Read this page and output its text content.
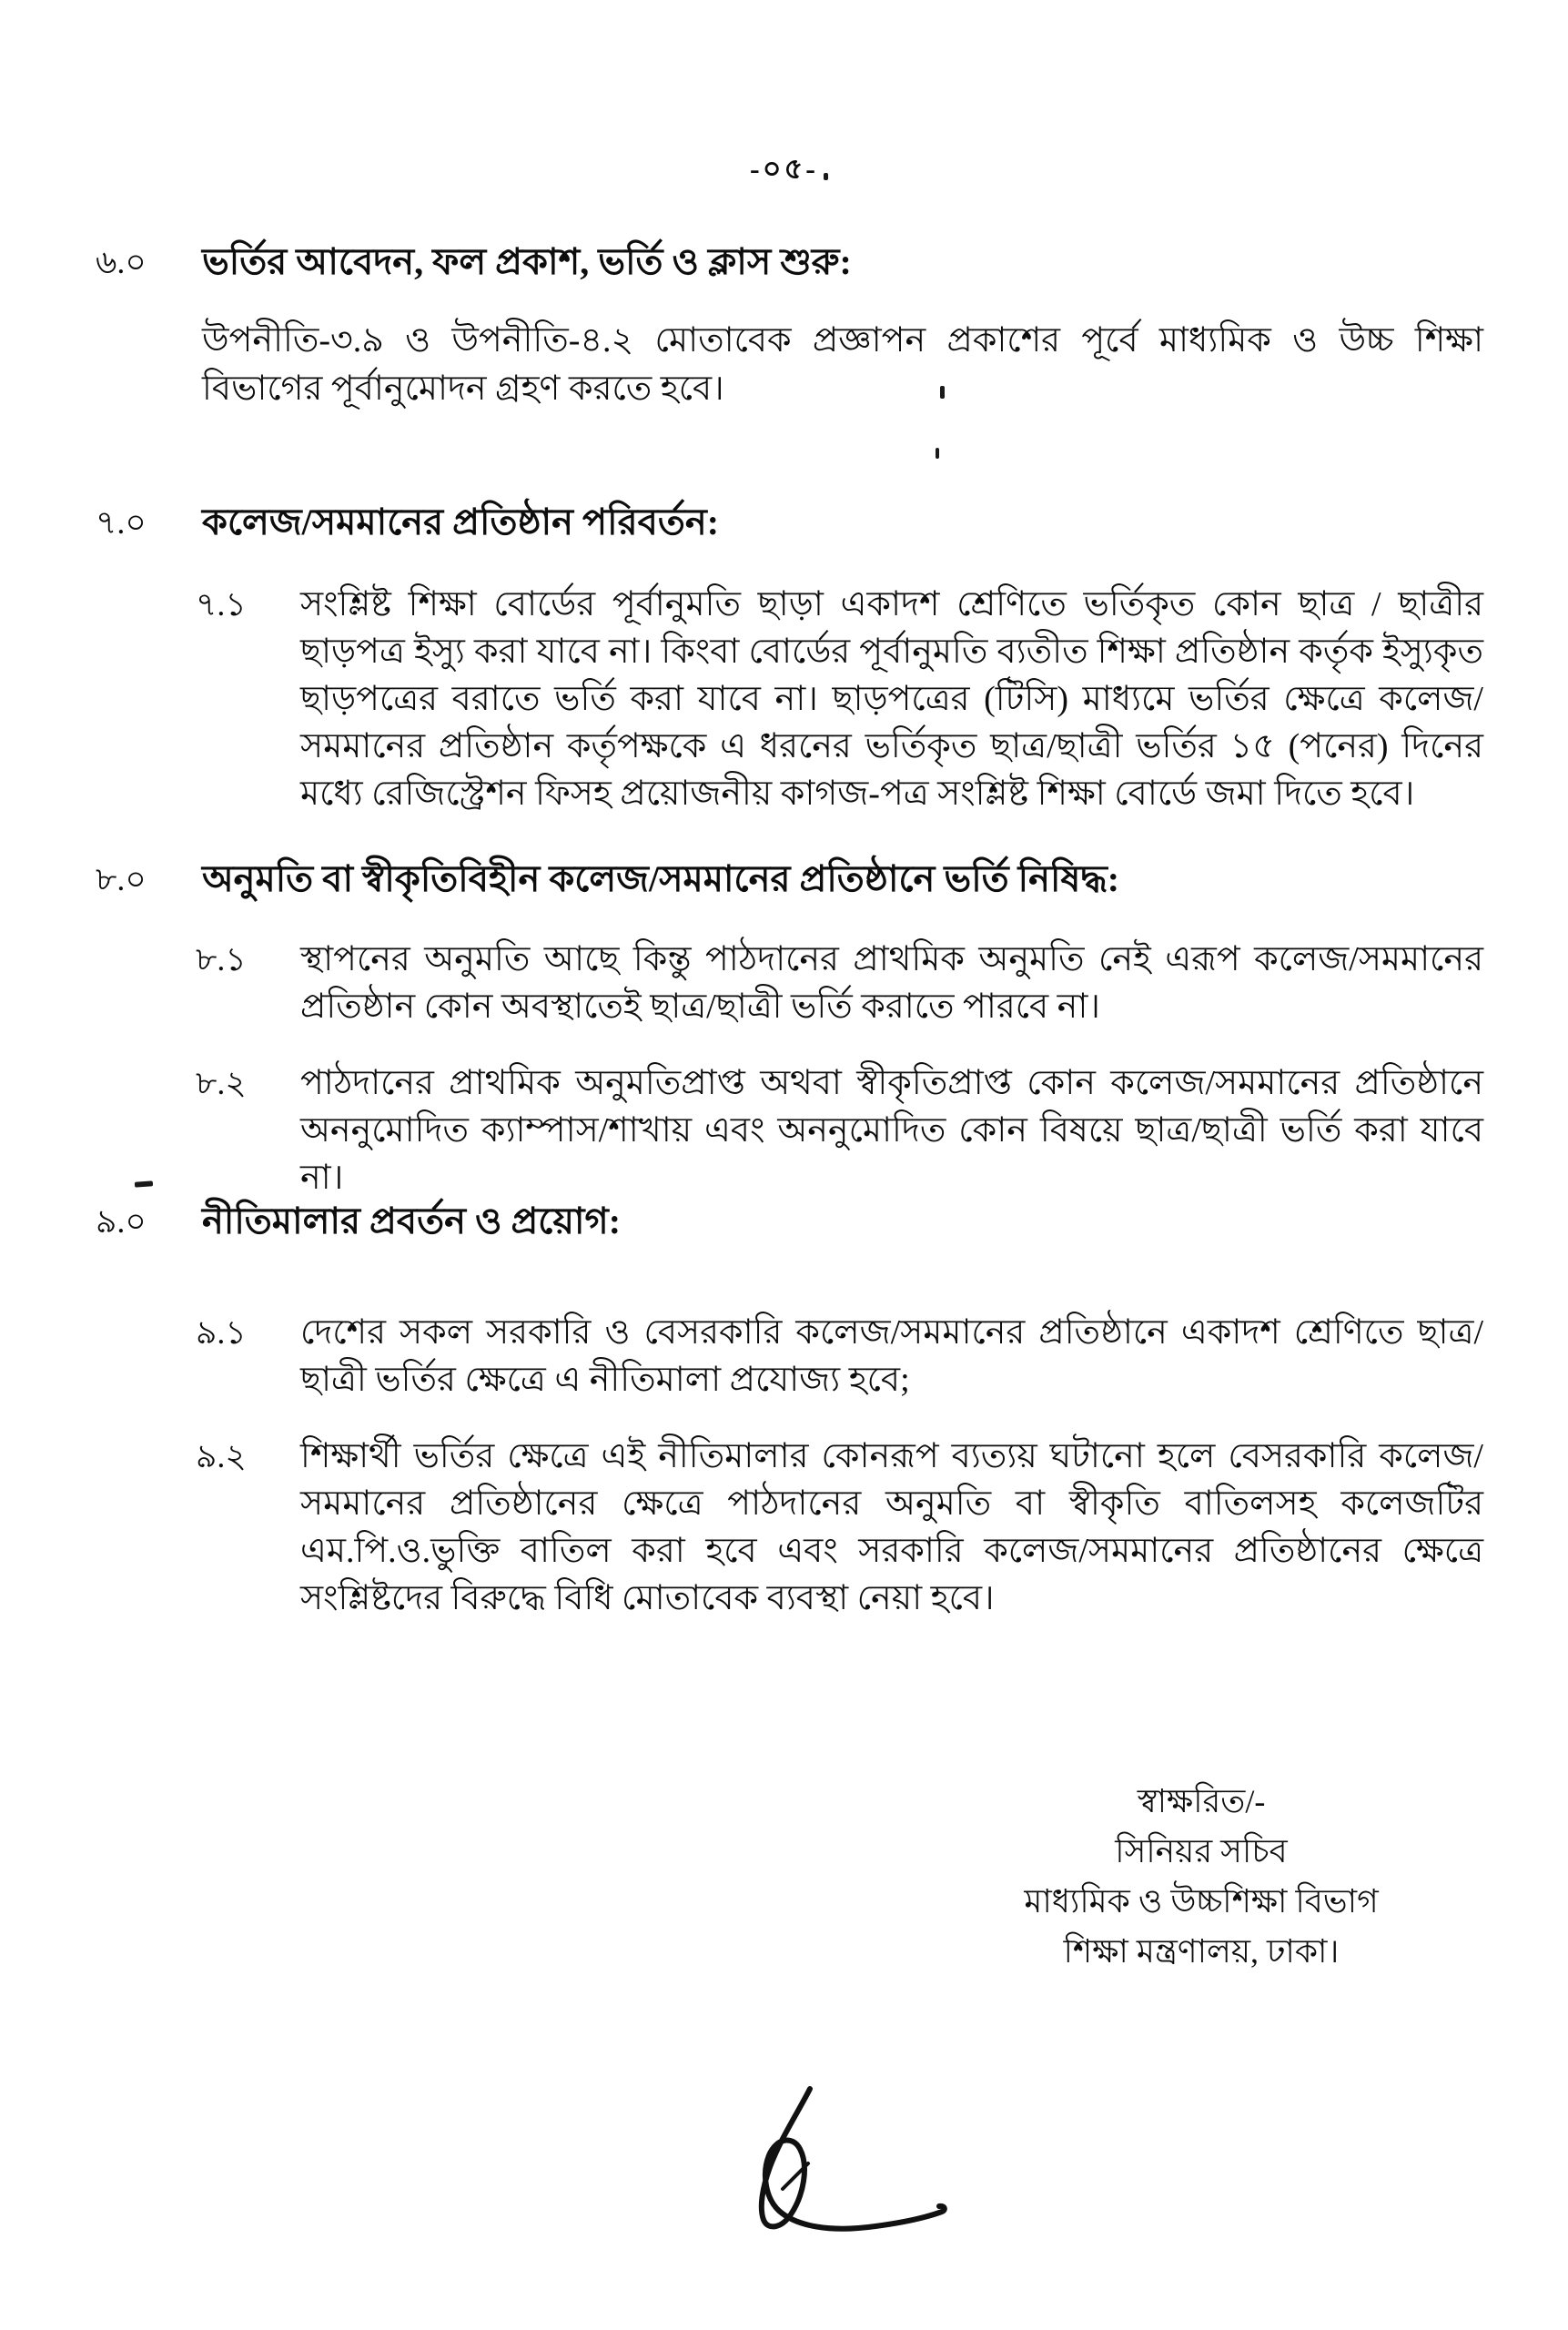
-০৫-
৬.০ ভর্তির আবেদন, ফল প্রকাশ, ভর্তি ও ক্লাস শুরু:
উপনীতি-৩.৯ ও উপনীতি-৪.২ মোতাবেক প্রজ্ঞাপন প্রকাশের পূর্বে মাধ্যমিক ও উচ্চ শিক্ষা বিভাগের পূর্বানুমোদন গ্রহণ করতে হবে।
৭.০ কলেজ/সমমানের প্রতিষ্ঠান পরিবর্তন:
৭.১ সংশ্লিষ্ট শিক্ষা বোর্ডের পূর্বানুমতি ছাড়া একাদশ শ্রেণিতে ভর্তিকৃত কোন ছাত্র / ছাত্রীর ছাড়পত্র ইস্যু করা যাবে না। কিংবা বোর্ডের পূর্বানুমতি ব্যতীত শিক্ষা প্রতিষ্ঠান কর্তৃক ইস্যুকৃত ছাড়পত্রের বরাতে ভর্তি করা যাবে না। ছাড়পত্রের (টিসি) মাধ্যমে ভর্তির ক্ষেত্রে কলেজ/সমমানের প্রতিষ্ঠান কর্তৃপক্ষকে এ ধরনের ভর্তিকৃত ছাত্র/ছাত্রী ভর্তির ১৫ (পনের) দিনের মধ্যে রেজিস্ট্রেশন ফিসহ প্রয়োজনীয় কাগজ-পত্র সংশ্লিষ্ট শিক্ষা বোর্ডে জমা দিতে হবে।
৮.০ অনুমতি বা স্বীকৃতিবিহীন কলেজ/সমমানের প্রতিষ্ঠানে ভর্তি নিষিদ্ধ:
৮.১ স্থাপনের অনুমতি আছে কিন্তু পাঠদানের প্রাথমিক অনুমতি নেই এরূপ কলেজ/সমমানের প্রতিষ্ঠান কোন অবস্থাতেই ছাত্র/ছাত্রী ভর্তি করাতে পারবে না।
৮.২ পাঠদানের প্রাথমিক অনুমতিপ্রাপ্ত অথবা স্বীকৃতিপ্রাপ্ত কোন কলেজ/সমমানের প্রতিষ্ঠানে অননুমোদিত ক্যাম্পাস/শাখায় এবং অননুমোদিত কোন বিষয়ে ছাত্র/ছাত্রী ভর্তি করা যাবে না।
৯.০ নীতিমালার প্রবর্তন ও প্রয়োগ:
৯.১ দেশের সকল সরকারি ও বেসরকারি কলেজ/সমমানের প্রতিষ্ঠানে একাদশ শ্রেণিতে ছাত্র/ছাত্রী ভর্তির ক্ষেত্রে এ নীতিমালা প্রযোজ্য হবে;
৯.২ শিক্ষার্থী ভর্তির ক্ষেত্রে এই নীতিমালার কোনরূপ ব্যত্যয় ঘটানো হলে বেসরকারি কলেজ/সমমানের প্রতিষ্ঠানের ক্ষেত্রে পাঠদানের অনুমতি বা স্বীকৃতি বাতিলসহ কলেজটির এম.পি.ও.ভুক্তি বাতিল করা হবে এবং সরকারি কলেজ/সমমানের প্রতিষ্ঠানের ক্ষেত্রে সংশ্লিষ্টদের বিরুদ্ধে বিধি মোতাবেক ব্যবস্থা নেয়া হবে।
স্বাক্ষরিত/-
সিনিয়র সচিব
মাধ্যমিক ও উচ্চশিক্ষা বিভাগ
শিক্ষা মন্ত্রণালয়, ঢাকা।
